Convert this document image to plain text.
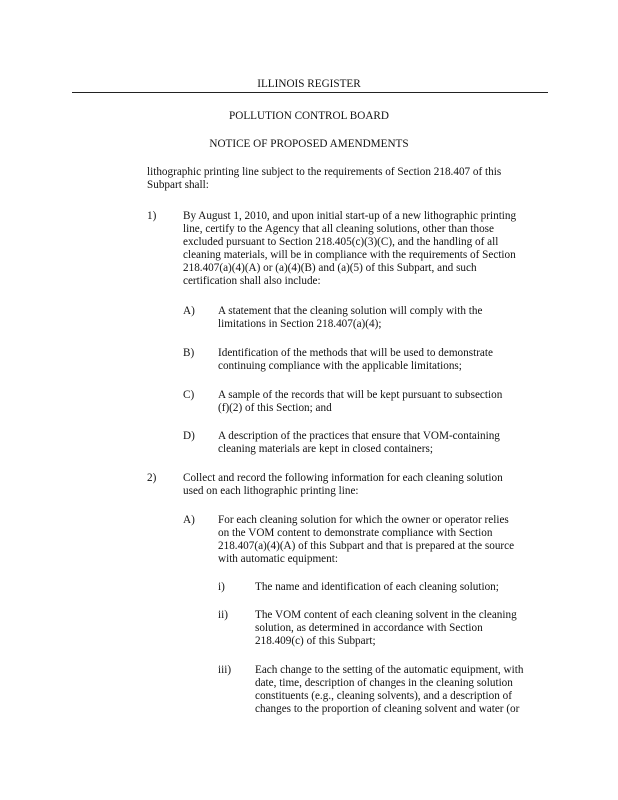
ILLINOIS REGISTER
POLLUTION CONTROL BOARD
NOTICE OF PROPOSED AMENDMENTS
lithographic printing line subject to the requirements of Section 218.407 of this
Subpart shall:
1) By August 1, 2010, and upon initial start-up of a new lithographic printing
line, certify to the Agency that all cleaning solutions, other than those
excluded pursuant to Section 218.405(c)(3)(C), and the handling of all
cleaning materials, will be in compliance with the requirements of Section
218.407(a)(4)(A) or (a)(4)(B) and (a)(5) of this Subpart, and such
certification shall also include:
A) A statement that the cleaning solution will comply with the
limitations in Section 218.407(a)(4);
B) Identification of the methods that will be used to demonstrate
continuing compliance with the applicable limitations;
C) A sample of the records that will be kept pursuant to subsection
(f)(2) of this Section; and
D) A description of the practices that ensure that VOM-containing
cleaning materials are kept in closed containers;
2) Collect and record the following information for each cleaning solution
used on each lithographic printing line:
A) For each cleaning solution for which the owner or operator relies
on the VOM content to demonstrate compliance with Section
218.407(a)(4)(A) of this Subpart and that is prepared at the source
with automatic equipment:
i)	The name and identification of each cleaning solution;
ii) The VOM content of each cleaning solvent in the cleaning
solution, as determined in accordance with Section
218.409(c) of this Subpart;
iii) Each change to the setting of the automatic equipment, with
date, time, description of changes in the cleaning solution
constituents (e.g., cleaning solvents), and a description of
changes to the proportion of cleaning solvent and water (or
